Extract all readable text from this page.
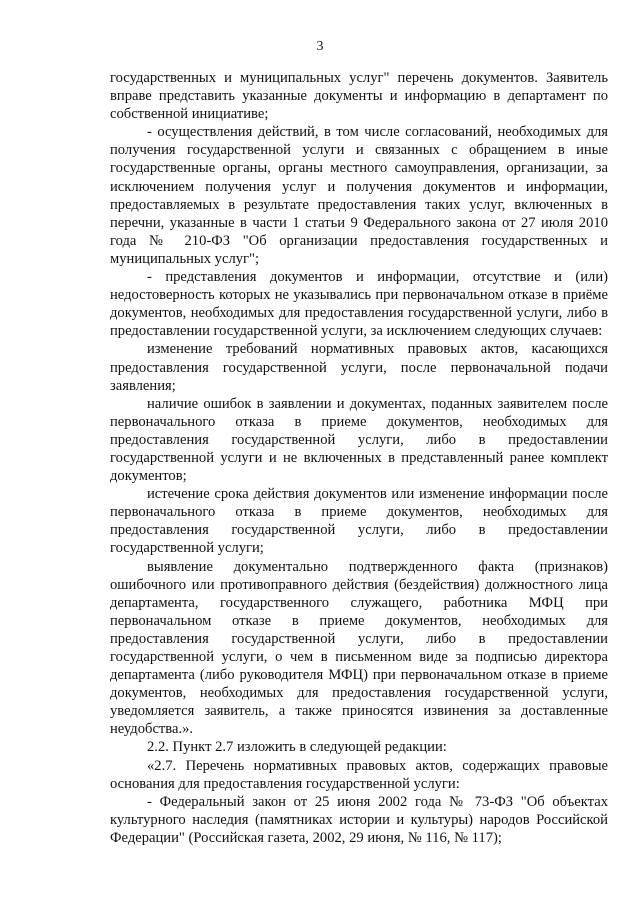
3

государственных и муниципальных услуг" перечень документов. Заявитель вправе представить указанные документы и информацию в департамент по собственной инициативе;

- осуществления действий, в том числе согласований, необходимых для получения государственной услуги и связанных с обращением в иные государственные органы, органы местного самоуправления, организации, за исключением получения услуг и получения документов и информации, предоставляемых в результате предоставления таких услуг, включенных в перечни, указанные в части 1 статьи 9 Федерального закона от 27 июля 2010 года № 210-ФЗ "Об организации предоставления государственных и муниципальных услуг";

- представления документов и информации, отсутствие и (или) недостоверность которых не указывались при первоначальном отказе в приёме документов, необходимых для предоставления государственной услуги, либо в предоставлении государственной услуги, за исключением следующих случаев:

изменение требований нормативных правовых актов, касающихся предоставления государственной услуги, после первоначальной подачи заявления;

наличие ошибок в заявлении и документах, поданных заявителем после первоначального отказа в приеме документов, необходимых для предоставления государственной услуги, либо в предоставлении государственной услуги и не включенных в представленный ранее комплект документов;

истечение срока действия документов или изменение информации после первоначального отказа в приеме документов, необходимых для предоставления государственной услуги, либо в предоставлении государственной услуги;

выявление документально подтвержденного факта (признаков) ошибочного или противоправного действия (бездействия) должностного лица департамента, государственного служащего, работника МФЦ при первоначальном отказе в приеме документов, необходимых для предоставления государственной услуги, либо в предоставлении государственной услуги, о чем в письменном виде за подписью директора департамента (либо руководителя МФЦ) при первоначальном отказе в приеме документов, необходимых для предоставления государственной услуги, уведомляется заявитель, а также приносятся извинения за доставленные неудобства.».

2.2. Пункт 2.7 изложить в следующей редакции:

«2.7. Перечень нормативных правовых актов, содержащих правовые основания для предоставления государственной услуги:

- Федеральный закон от 25 июня 2002 года № 73-ФЗ "Об объектах культурного наследия (памятниках истории и культуры) народов Российской Федерации" (Российская газета, 2002, 29 июня, № 116, № 117);
